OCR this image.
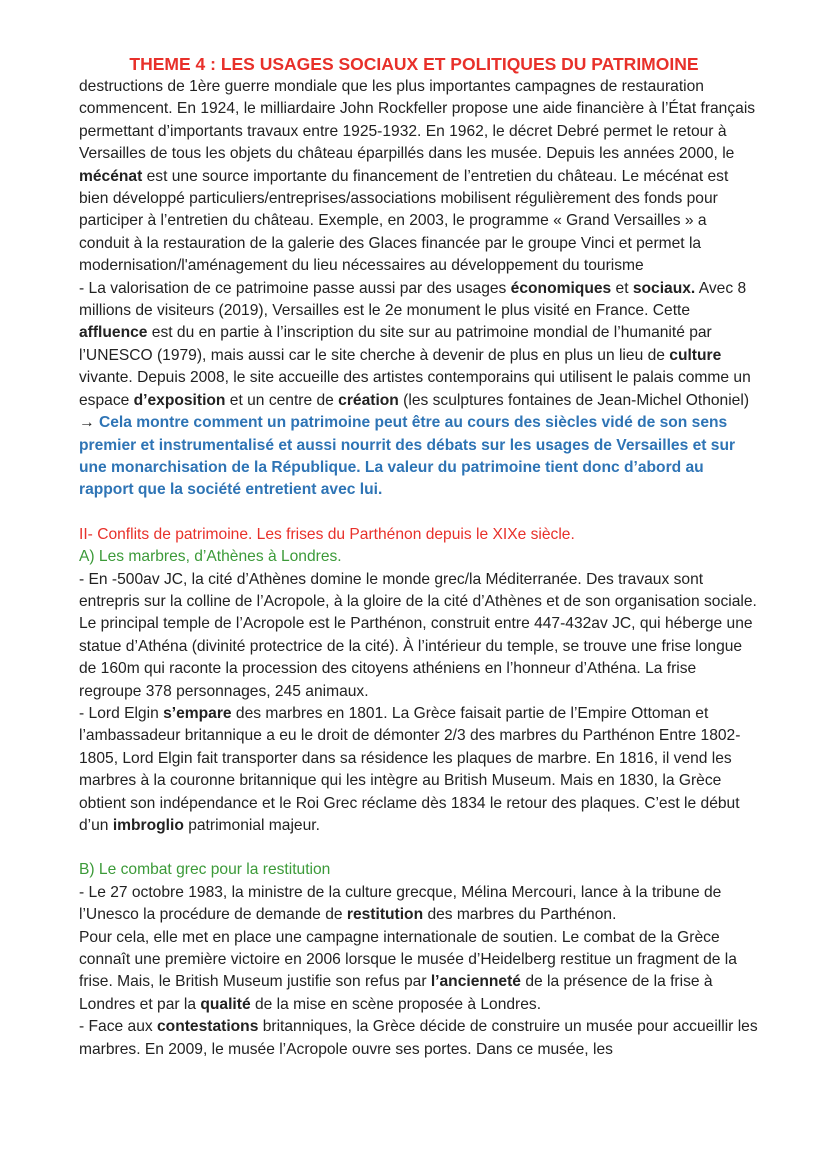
THEME 4 : LES USAGES SOCIAUX ET POLITIQUES DU PATRIMOINE

destructions de 1ère guerre mondiale que les plus importantes campagnes de restauration commencent. En 1924, le milliardaire John Rockfeller propose une aide financière à l’État français permettant d’importants travaux entre 1925-1932. En 1962, le décret Debré permet le retour à Versailles de tous les objets du château éparpillés dans les musée. Depuis les années 2000, le mécénat est une source importante du financement de l’entretien du château. Le mécénat est bien développé particuliers/entreprises/associations mobilisent régulièrement des fonds pour participer à l’entretien du château. Exemple, en 2003, le programme « Grand Versailles » a conduit à la restauration de la galerie des Glaces financée par le groupe Vinci et permet la modernisation/l'aménagement du lieu nécessaires au développement du tourisme

- La valorisation de ce patrimoine passe aussi par des usages économiques et sociaux. Avec 8 millions de visiteurs (2019), Versailles est le 2e monument le plus visité en France. Cette affluence est du en partie à l’inscription du site sur au patrimoine mondial de l’humanité par l’UNESCO (1979), mais aussi car le site cherche à devenir de plus en plus un lieu de culture vivante. Depuis 2008, le site accueille des artistes contemporains qui utilisent le palais comme un espace d’exposition et un centre de création (les sculptures fontaines de Jean-Michel Othoniel) → Cela montre comment un patrimoine peut être au cours des siècles vidé de son sens premier et instrumentalisé et aussi nourrit des débats sur les usages de Versailles et sur une monarchisation de la République. La valeur du patrimoine tient donc d’abord au rapport que la société entretient avec lui.

II- Conflits de patrimoine. Les frises du Parthénon depuis le XIXe siècle.

A) Les marbres, d’Athènes à Londres.

- En -500av JC, la cité d’Athènes domine le monde grec/la Méditerranée. Des travaux sont entrepris sur la colline de l’Acropole, à la gloire de la cité d’Athènes et de son organisation sociale. Le principal temple de l’Acropole est le Parthénon, construit entre 447-432av JC, qui héberge une statue d’Athéna (divinité protectrice de la cité). À l’intérieur du temple, se trouve une frise longue de 160m qui raconte la procession des citoyens athéniens en l’honneur d’Athéna. La frise regroupe 378 personnages, 245 animaux.

- Lord Elgin s’empare des marbres en 1801. La Grèce faisait partie de l’Empire Ottoman et l’ambassadeur britannique a eu le droit de démonter 2/3 des marbres du Parthénon Entre 1802-1805, Lord Elgin fait transporter dans sa résidence les plaques de marbre. En 1816, il vend les marbres à la couronne britannique qui les intègre au British Museum. Mais en 1830, la Grèce obtient son indépendance et le Roi Grec réclame dès 1834 le retour des plaques. C’est le début d’un imbroglio patrimonial majeur.

B) Le combat grec pour la restitution

- Le 27 octobre 1983, la ministre de la culture grecque, Mélina Mercouri, lance à la tribune de l’Unesco la procédure de demande de restitution des marbres du Parthénon.

Pour cela, elle met en place une campagne internationale de soutien. Le combat de la Grèce connaît une première victoire en 2006 lorsque le musée d’Heidelberg restitue un fragment de la frise. Mais, le British Museum justifie son refus par l’ancienneté de la présence de la frise à Londres et par la qualité de la mise en scène proposée à Londres.

- Face aux contestations britanniques, la Grèce décide de construire un musée pour accueillir les marbres. En 2009, le musée l’Acropole ouvre ses portes. Dans ce musée, les
